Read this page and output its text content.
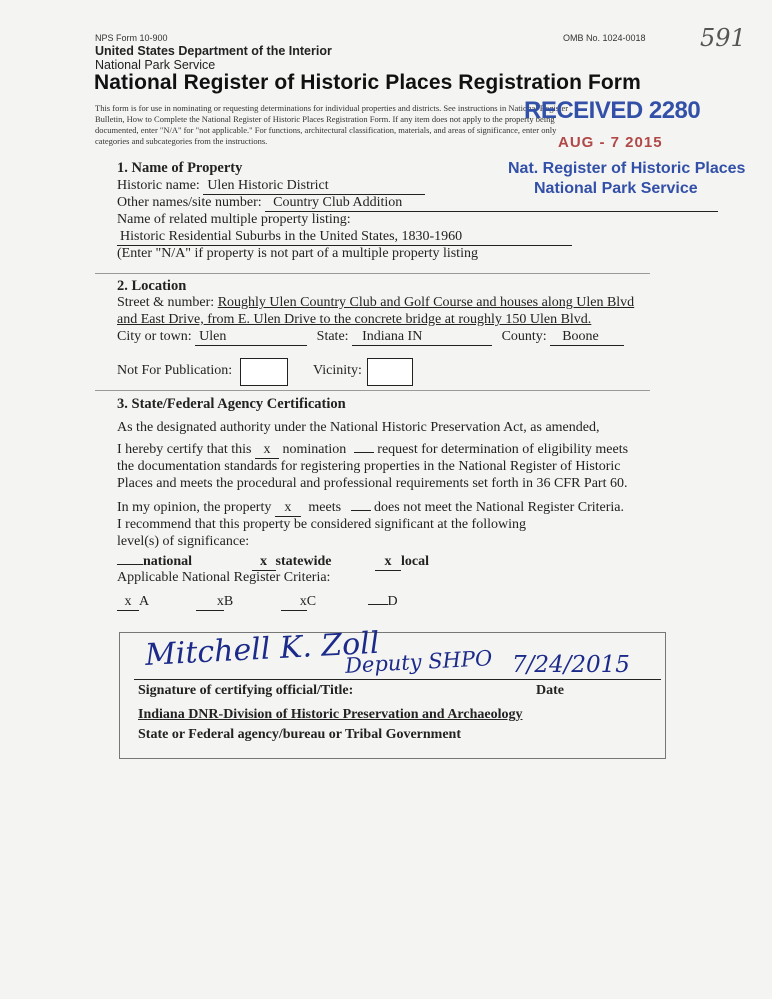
NPS Form 10-900	OMB No. 1024-0018 591
United States Department of the Interior
National Park Service
National Register of Historic Places Registration Form
This form is for use in nominating or requesting determinations for individual properties and districts. See instructions in National Register
Bulletin, How to Complete the National Register of Historic Places Registration Form. If any item does not apply to the property being
documented, enter "N/A" for "not applicable." For functions, architectural classification, materials, and areas of significance, enter only
categories and subcategories from the instructions.
RECEIVED 2280
AUG - 7 2015
Nat. Register of Historic Places
National Park Service
1. Name of Property
Historic name: Ulen Historic District
Other names/site number: Country Club Addition
Name of related multiple property listing:
Historic Residential Suburbs in the United States, 1830-1960
(Enter "N/A" if property is not part of a multiple property listing
2. Location
Street & number: Roughly Ulen Country Club and Golf Course and houses along Ulen Blvd
and East Drive, from E. Ulen Drive to the concrete bridge at roughly 150 Ulen Blvd.
City or town: Ulen	State: Indiana IN	County: Boone
Not For Publication:	Vicinity:
3. State/Federal Agency Certification
As the designated authority under the National Historic Preservation Act, as amended,
I hereby certify that this x nomination request for determination of eligibility meets
the documentation standards for registering properties in the National Register of Historic
Places and meets the procedural and professional requirements set forth in 36 CFR Part 60.
In my opinion, the property x meets does not meet the National Register Criteria.
I recommend that this property be considered significant at the following
level(s) of significance:
national	x statewide	x local
Applicable National Register Criteria:
x A	xB	xC	D
Mitchell K. Zoll
Deputy SHPO 7/24/2015
Signature of certifying official/Title:	Date
Indiana DNR-Division of Historic Preservation and Archaeology
State or Federal agency/bureau or Tribal Government
